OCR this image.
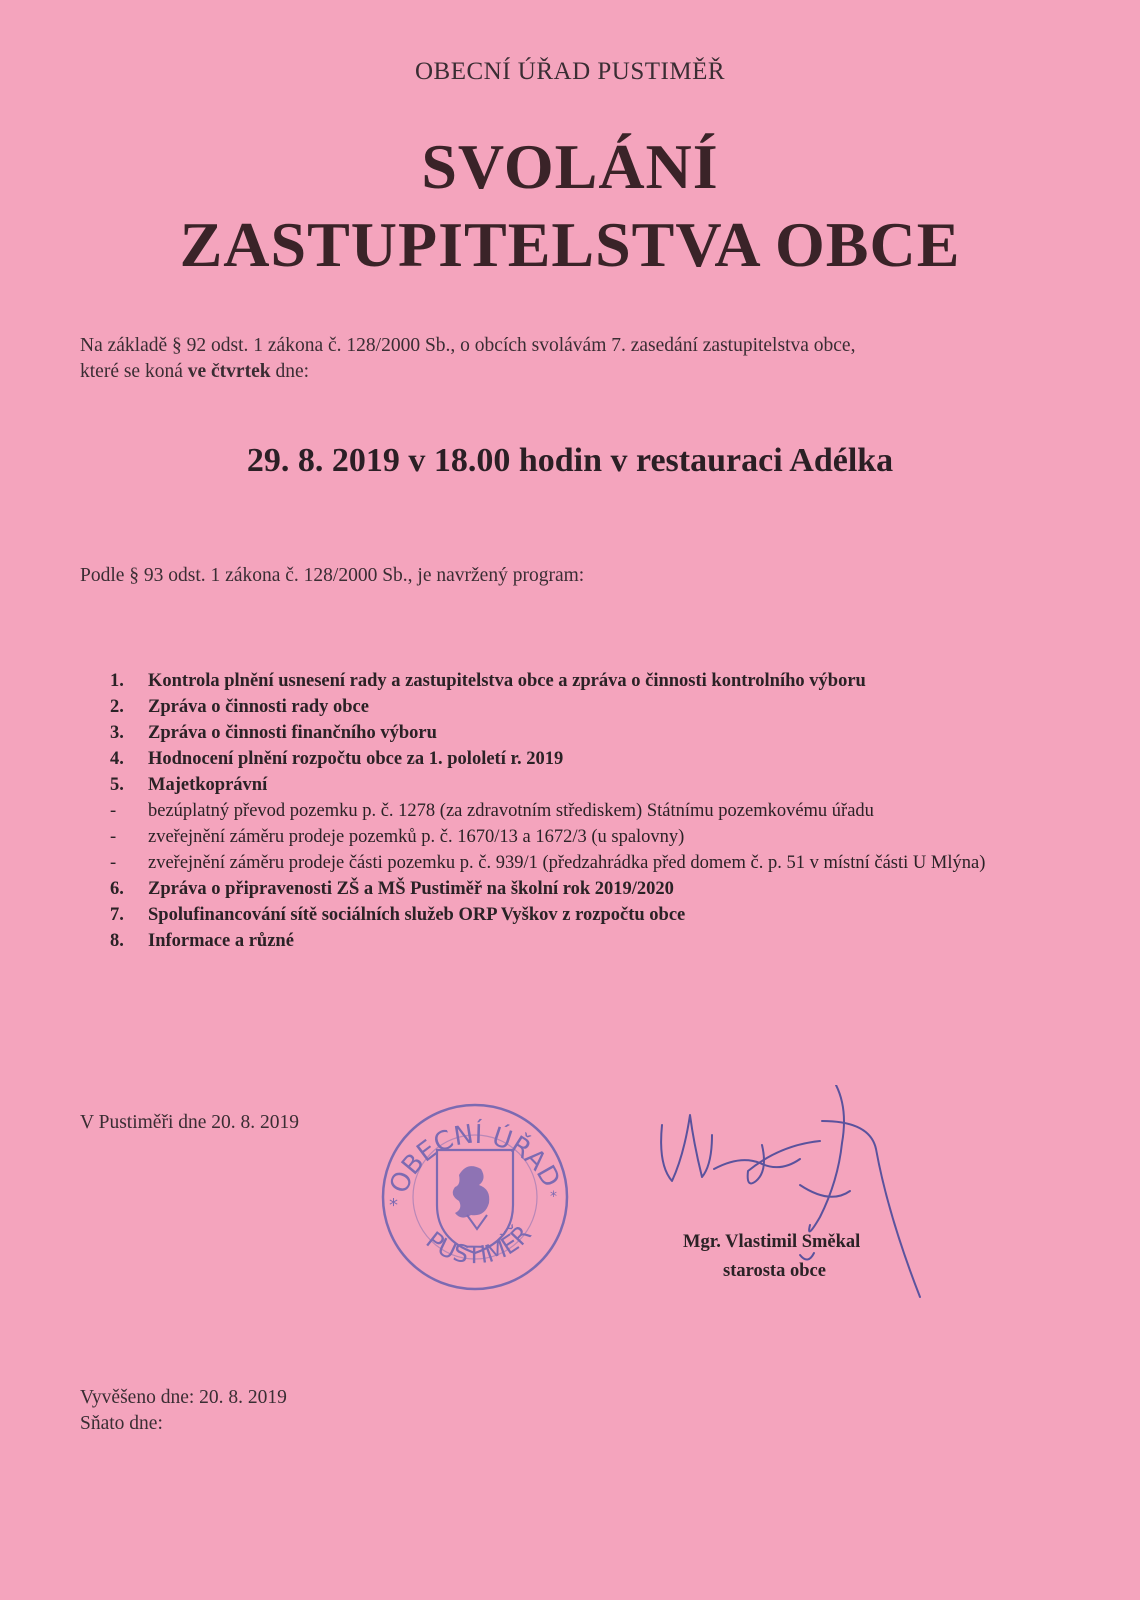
OBECNÍ ÚŘAD PUSTIMĚŘ
SVOLÁNÍ
ZASTUPITELSTVA OBCE
Na základě § 92 odst. 1 zákona č. 128/2000 Sb., o obcích svolávám 7. zasedání zastupitelstva obce,
které se koná ve čtvrtek dne:
29. 8. 2019 v 18.00 hodin v restauraci Adélka
Podle § 93 odst. 1 zákona č. 128/2000 Sb., je navržený program:
1.	Kontrola plnění usnesení rady a zastupitelstva obce a zpráva o činnosti kontrolního výboru
2.	Zpráva o činnosti rady obce
3.	Zpráva o činnosti finančního výboru
4.	Hodnocení plnění rozpočtu obce za 1. pololetí r. 2019
5.	Majetkoprávní
-	bezúplatný převod pozemku p. č. 1278 (za zdravotním střediskem) Státnímu pozemkovému úřadu
-	zveřejnění záměru prodeje pozemků p. č. 1670/13 a 1672/3 (u spalovny)
-	zveřejnění záměru prodeje části pozemku p. č. 939/1 (předzahrádka před domem č. p. 51 v místní části U Mlýna)
6.	Zpráva o připravenosti ZŠ a MŠ Pustiměř na školní rok 2019/2020
7.	Spolufinancování sítě sociálních služeb ORP Vyškov z rozpočtu obce
8.	Informace a různé
V Pustiměři dne 20. 8. 2019
OBECNÍ ÚŘAD
PUSTIMĚŘ
*	*
Mgr. Vlastimil Směkal
starosta obce
Vyvěšeno dne: 20. 8. 2019
Sňato dne:
